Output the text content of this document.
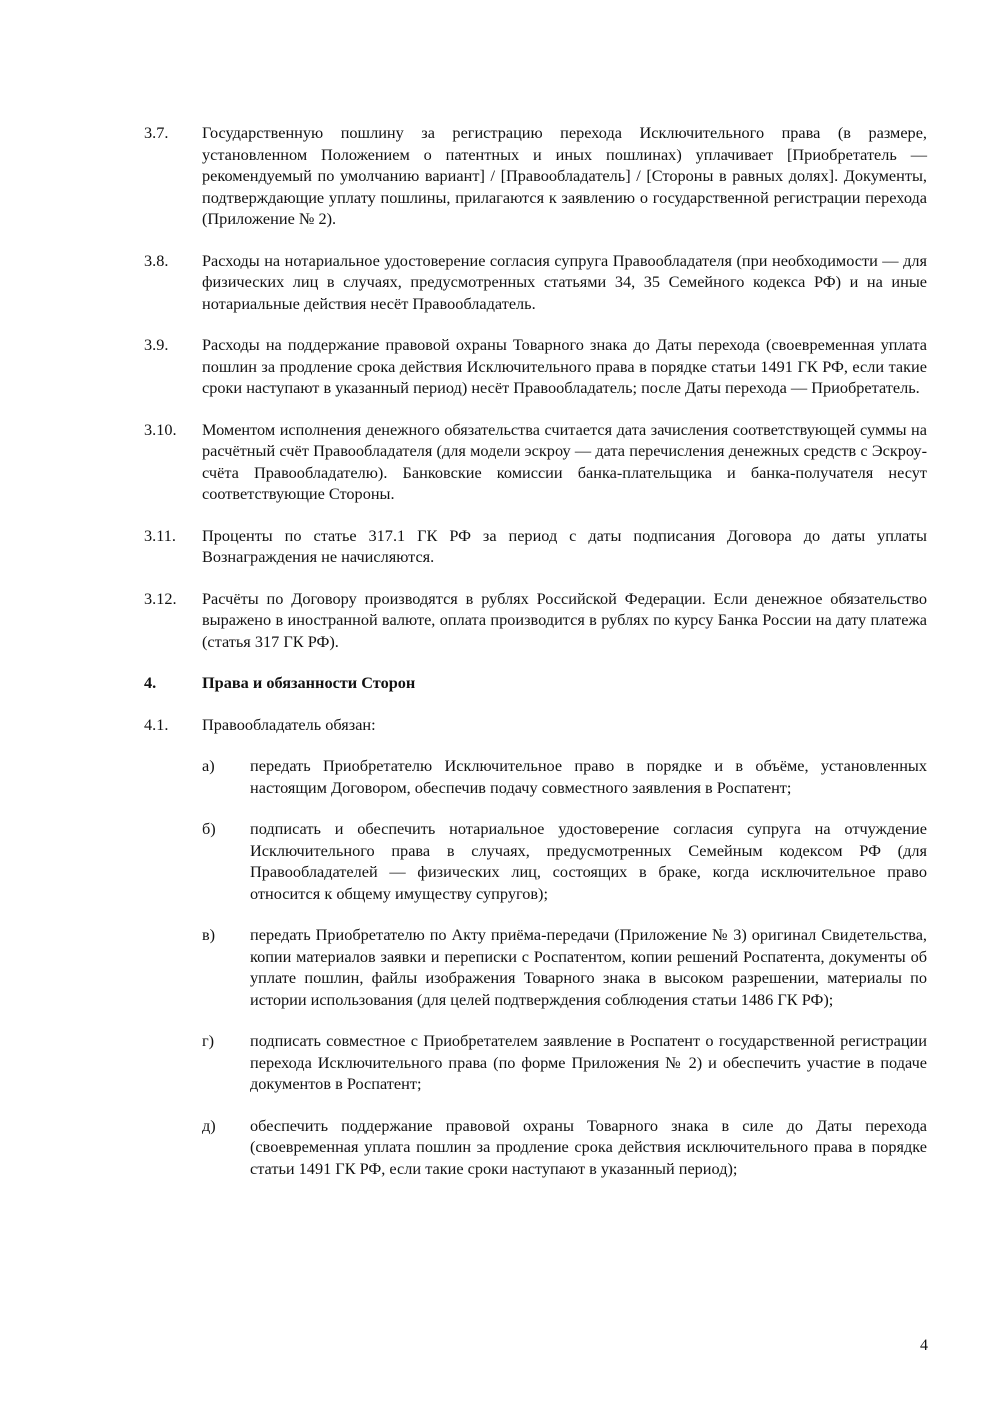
3.7.	Государственную пошлину за регистрацию перехода Исключительного права (в размере, установленном Положением о патентных и иных пошлинах) уплачивает [Приобретатель — рекомендуемый по умолчанию вариант] / [Правообладатель] / [Стороны в равных долях]. Документы, подтверждающие уплату пошлины, прилагаются к заявлению о государственной регистрации перехода (Приложение № 2).
3.8.	Расходы на нотариальное удостоверение согласия супруга Правообладателя (при необходимости — для физических лиц в случаях, предусмотренных статьями 34, 35 Семейного кодекса РФ) и на иные нотариальные действия несёт Правообладатель.
3.9.	Расходы на поддержание правовой охраны Товарного знака до Даты перехода (своевременная уплата пошлин за продление срока действия Исключительного права в порядке статьи 1491 ГК РФ, если такие сроки наступают в указанный период) несёт Правообладатель; после Даты перехода — Приобретатель.
3.10.	Моментом исполнения денежного обязательства считается дата зачисления соответствующей суммы на расчётный счёт Правообладателя (для модели эскроу — дата перечисления денежных средств с Эскроу-счёта Правообладателю). Банковские комиссии банка-плательщика и банка-получателя несут соответствующие Стороны.
3.11.	Проценты по статье 317.1 ГК РФ за период с даты подписания Договора до даты уплаты Вознаграждения не начисляются.
3.12.	Расчёты по Договору производятся в рублях Российской Федерации. Если денежное обязательство выражено в иностранной валюте, оплата производится в рублях по курсу Банка России на дату платежа (статья 317 ГК РФ).
4.	Права и обязанности Сторон
4.1.	Правообладатель обязан:
а)	передать Приобретателю Исключительное право в порядке и в объёме, установленных настоящим Договором, обеспечив подачу совместного заявления в Роспатент;
б)	подписать и обеспечить нотариальное удостоверение согласия супруга на отчуждение Исключительного права в случаях, предусмотренных Семейным кодексом РФ (для Правообладателей — физических лиц, состоящих в браке, когда исключительное право относится к общему имуществу супругов);
в)	передать Приобретателю по Акту приёма-передачи (Приложение № 3) оригинал Свидетельства, копии материалов заявки и переписки с Роспатентом, копии решений Роспатента, документы об уплате пошлин, файлы изображения Товарного знака в высоком разрешении, материалы по истории использования (для целей подтверждения соблюдения статьи 1486 ГК РФ);
г)	подписать совместное с Приобретателем заявление в Роспатент о государственной регистрации перехода Исключительного права (по форме Приложения № 2) и обеспечить участие в подаче документов в Роспатент;
д)	обеспечить поддержание правовой охраны Товарного знака в силе до Даты перехода (своевременная уплата пошлин за продление срока действия исключительного права в порядке статьи 1491 ГК РФ, если такие сроки наступают в указанный период);
4
